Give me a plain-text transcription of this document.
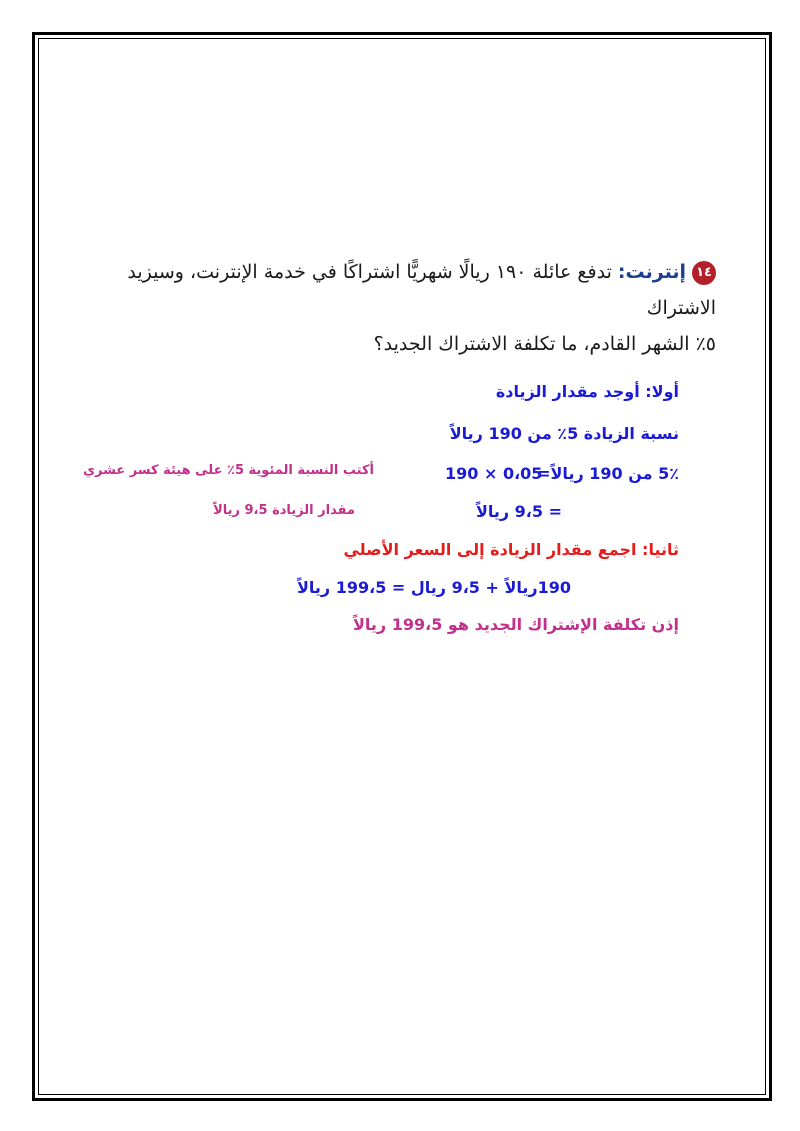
١٤إنترنت: تدفع عائلة ١٩٠ ريالًا شهريًّا اشتراكًا في خدمة الإنترنت، وسيزيد الاشتراك
٥٪ الشهر القادم، ما تكلفة الاشتراك الجديد؟
أولا: أوجد مقدار الزيادة
نسبة الزيادة 5٪ من 190 ريالاً
5٪ من 190 ريالاً=
190 × 0،05
أكتب النسبة المئوية 5٪ على هيئة كسر عشري
= 9،5 ريالاً
مقدار الزيادة 9،5 ريالاً
ثانيا: اجمع مقدار الزيادة إلى السعر الأصلي
190ريالاً + 9،5 ريال = 199،5 ريالاً
إذن تكلفة الإشتراك الجديد هو 199،5 ريالاً
